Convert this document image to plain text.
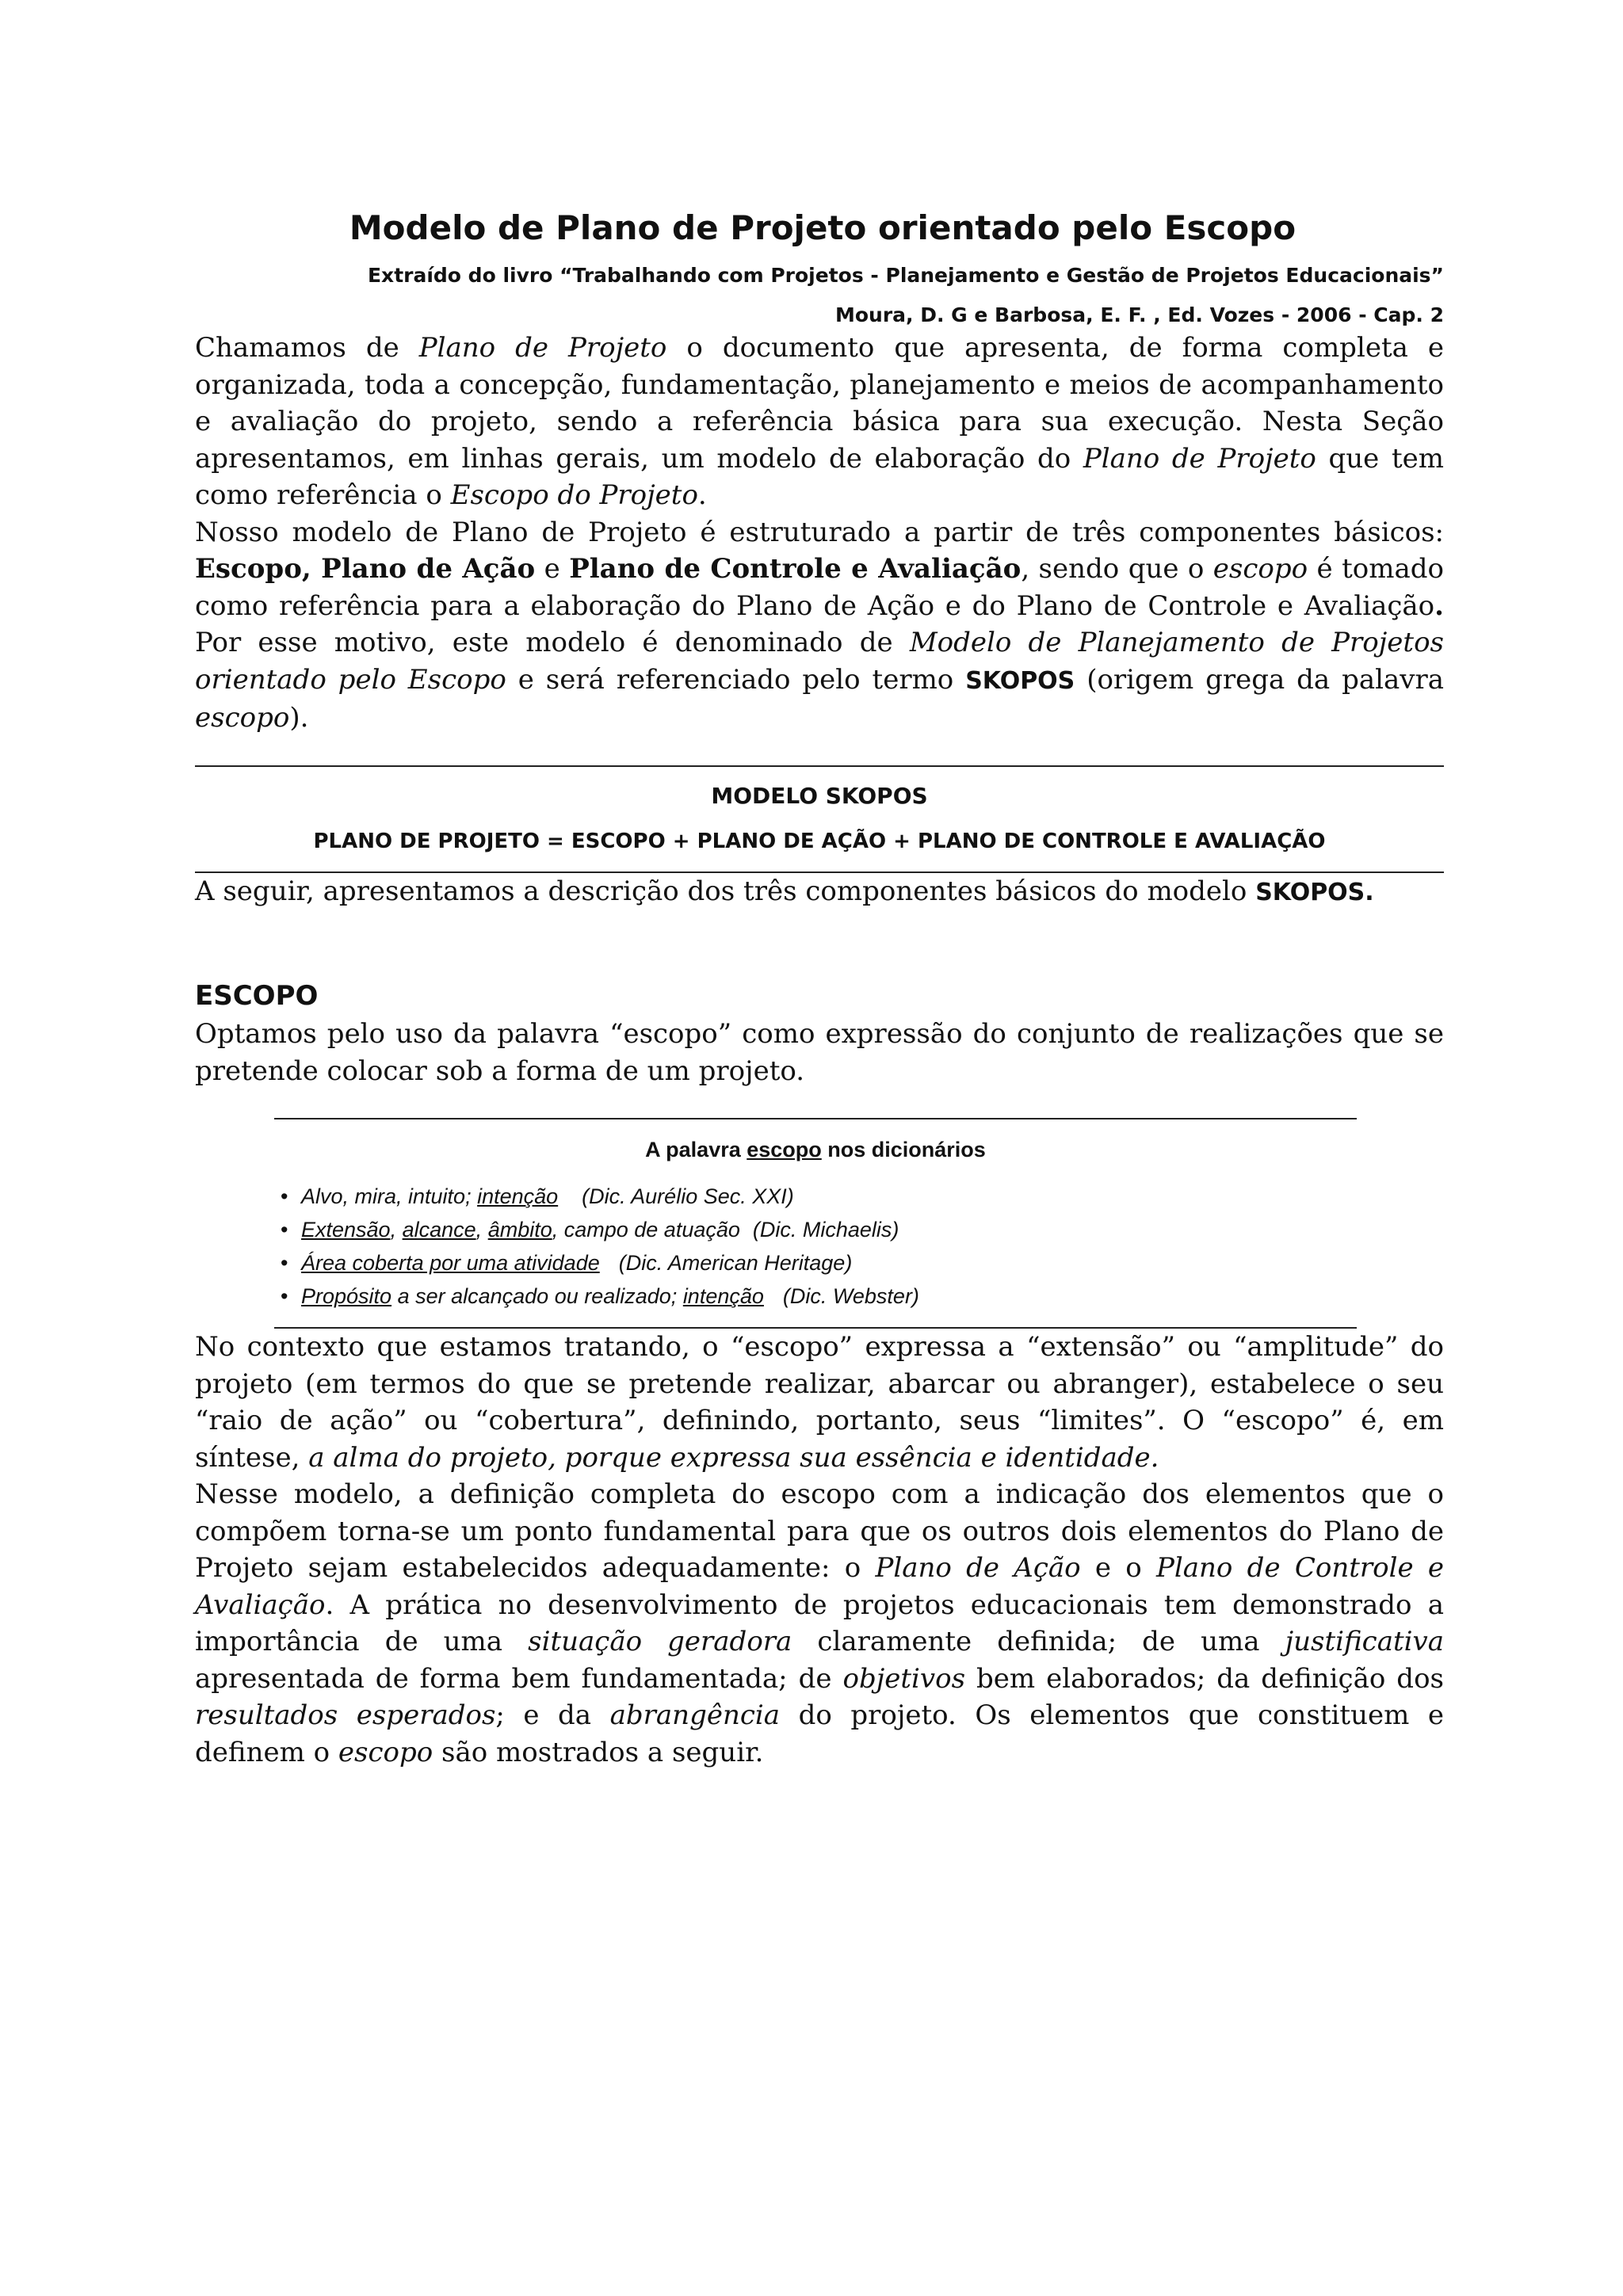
Modelo de Plano de Projeto orientado pelo Escopo
Extraído do livro “Trabalhando com Projetos - Planejamento e Gestão de Projetos Educacionais”
Moura, D. G e Barbosa, E. F. , Ed. Vozes - 2006 - Cap. 2

Chamamos de Plano de Projeto o documento que apresenta, de forma completa e organizada, toda a concepção, fundamentação, planejamento e meios de acompanhamento e avaliação do projeto, sendo a referência básica para sua execução. Nesta Seção apresentamos, em linhas gerais, um modelo de elaboração do Plano de Projeto que tem como referência o Escopo do Projeto.

Nosso modelo de Plano de Projeto é estruturado a partir de três componentes básicos: Escopo, Plano de Ação e Plano de Controle e Avaliação, sendo que o escopo é tomado como referência para a elaboração do Plano de Ação e do Plano de Controle e Avaliação. Por esse motivo, este modelo é denominado de Modelo de Planejamento de Projetos orientado pelo Escopo e será referenciado pelo termo SKOPOS (origem grega da palavra escopo).

MODELO SKOPOS
PLANO DE PROJETO = ESCOPO + PLANO DE AÇÃO + PLANO DE CONTROLE E AVALIAÇÃO

A seguir, apresentamos a descrição dos três componentes básicos do modelo SKOPOS.

ESCOPO

Optamos pelo uso da palavra “escopo” como expressão do conjunto de realizações que se pretende colocar sob a forma de um projeto.

A palavra escopo nos dicionários
• Alvo, mira, intuito; intenção (Dic. Aurélio Sec. XXI)
• Extensão, alcance, âmbito, campo de atuação (Dic. Michaelis)
• Área coberta por uma atividade (Dic. American Heritage)
• Propósito a ser alcançado ou realizado; intenção (Dic. Webster)

No contexto que estamos tratando, o “escopo” expressa a “extensão” ou “amplitude” do projeto (em termos do que se pretende realizar, abarcar ou abranger), estabelece o seu “raio de ação” ou “cobertura”, definindo, portanto, seus “limites”. O “escopo” é, em síntese, a alma do projeto, porque expressa sua essência e identidade.

Nesse modelo, a definição completa do escopo com a indicação dos elementos que o compõem torna-se um ponto fundamental para que os outros dois elementos do Plano de Projeto sejam estabelecidos adequadamente: o Plano de Ação e o Plano de Controle e Avaliação. A prática no desenvolvimento de projetos educacionais tem demonstrado a importância de uma situação geradora claramente definida; de uma justificativa apresentada de forma bem fundamentada; de objetivos bem elaborados; da definição dos resultados esperados; e da abrangência do projeto. Os elementos que constituem e definem o escopo são mostrados a seguir.
